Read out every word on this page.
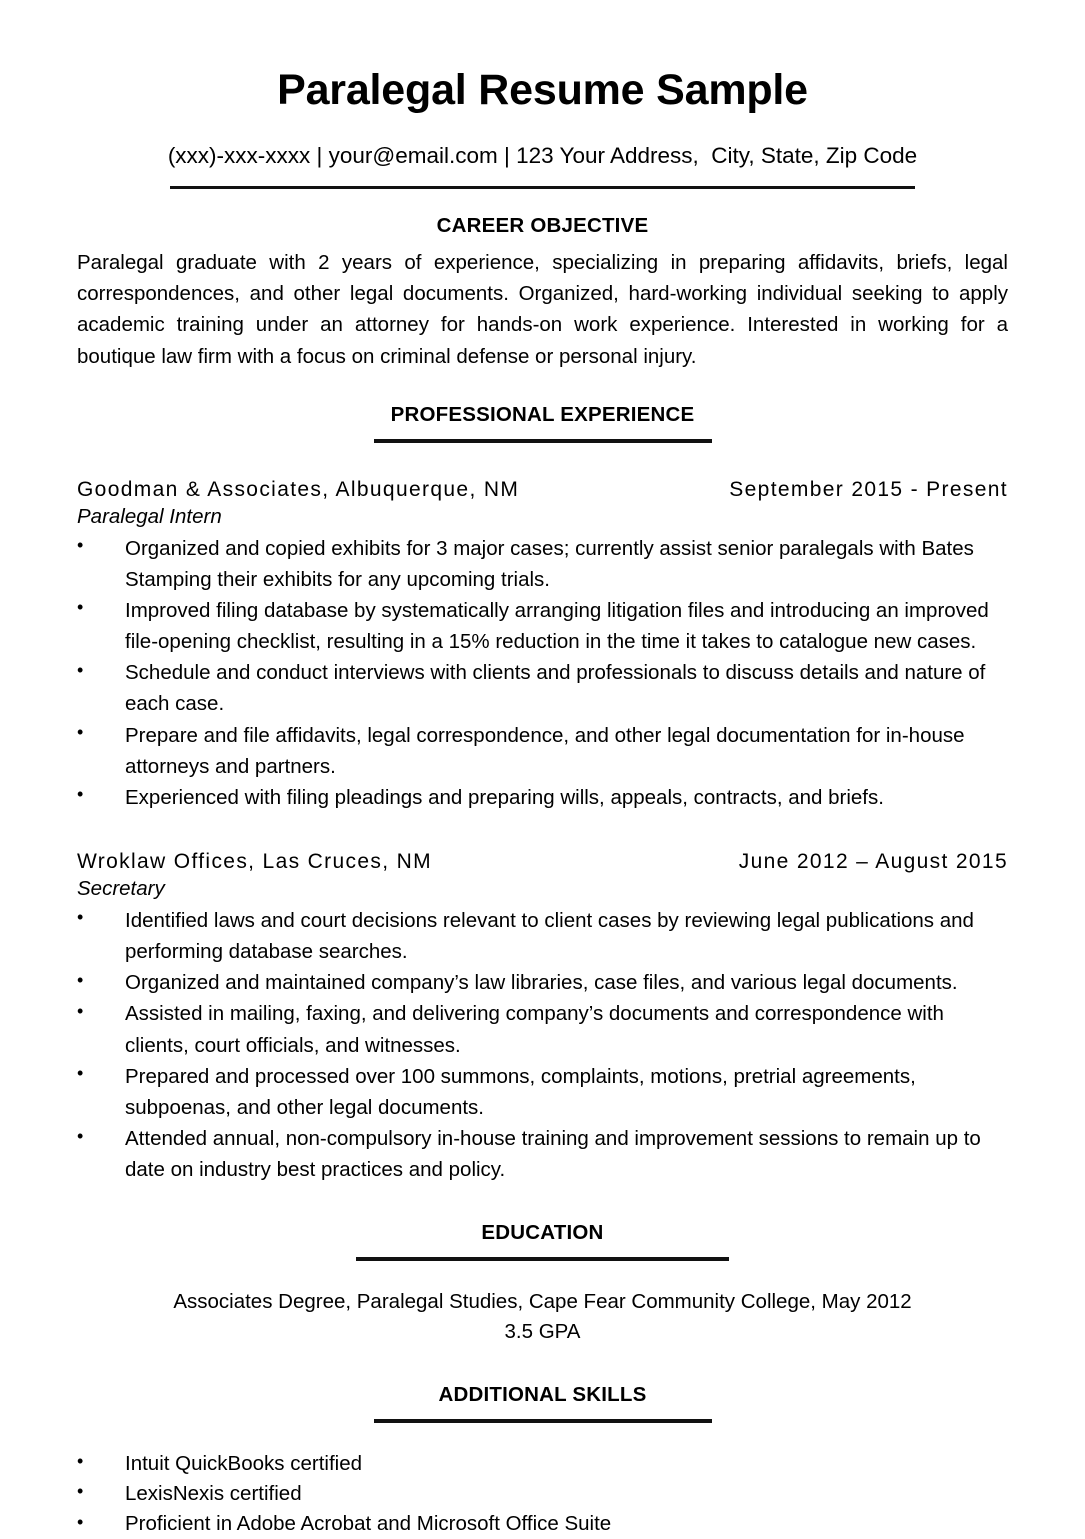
Paralegal Resume Sample
(xxx)-xxx-xxxx | your@email.com | 123 Your Address,  City, State, Zip Code
CAREER OBJECTIVE

Paralegal graduate with 2 years of experience, specializing in preparing affidavits, briefs, legal correspondences, and other legal documents. Organized, hard-working individual seeking to apply academic training under an attorney for hands-on work experience. Interested in working for a boutique law firm with a focus on criminal defense or personal injury.

PROFESSIONAL EXPERIENCE
Goodman & Associates, Albuquerque, NM	September 2015 - Present
Paralegal Intern
• Organized and copied exhibits for 3 major cases; currently assist senior paralegals with Bates Stamping their exhibits for any upcoming trials.
• Improved filing database by systematically arranging litigation files and introducing an improved file-opening checklist, resulting in a 15% reduction in the time it takes to catalogue new cases.
• Schedule and conduct interviews with clients and professionals to discuss details and nature of each case.
• Prepare and file affidavits, legal correspondence, and other legal documentation for in-house attorneys and partners.
• Experienced with filing pleadings and preparing wills, appeals, contracts, and briefs.
Wroklaw Offices, Las Cruces, NM	June 2012 – August 2015
Secretary
• Identified laws and court decisions relevant to client cases by reviewing legal publications and performing database searches.
• Organized and maintained company’s law libraries, case files, and various legal documents.
• Assisted in mailing, faxing, and delivering company’s documents and correspondence with clients, court officials, and witnesses.
• Prepared and processed over 100 summons, complaints, motions, pretrial agreements, subpoenas, and other legal documents.
• Attended annual, non-compulsory in-house training and improvement sessions to remain up to date on industry best practices and policy.
EDUCATION
Associates Degree, Paralegal Studies, Cape Fear Community College, May 2012
3.5 GPA
ADDITIONAL SKILLS
• Intuit QuickBooks certified
• LexisNexis certified
• Proficient in Adobe Acrobat and Microsoft Office Suite
